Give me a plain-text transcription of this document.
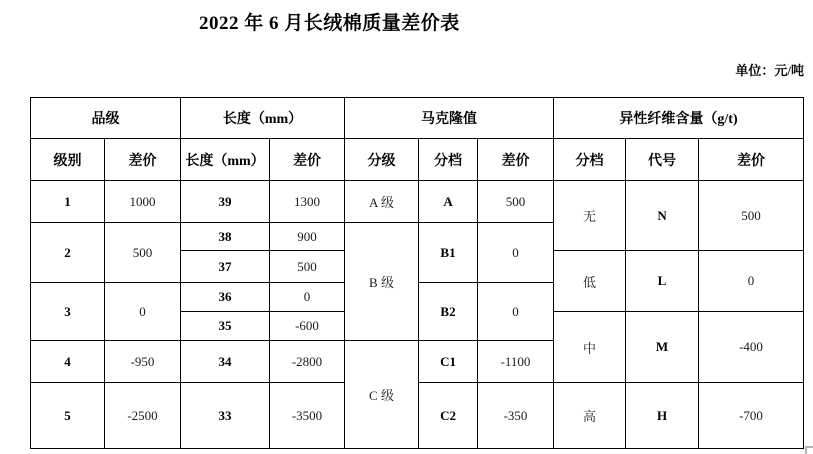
2022 年 6 月长绒棉质量差价表
单位：元/吨
品级		长度（mm）		马克隆值			异性纤维含量（g/t)		
级别	差价	长度（mm）	差价	分级	分档	差价	分档	代号	差价
1	1000	39	1300	A 级	A	500	无	N	500
2	500	38	900	B 级	B1	0			
		37	500				低	L	0
3	0	36	0		B2	0			
		35	-600				中	M	-400
4	-950	34	-2800	C 级	C1	-1100			
5	-2500	33	-3500		C2	-350	高	H	-700
